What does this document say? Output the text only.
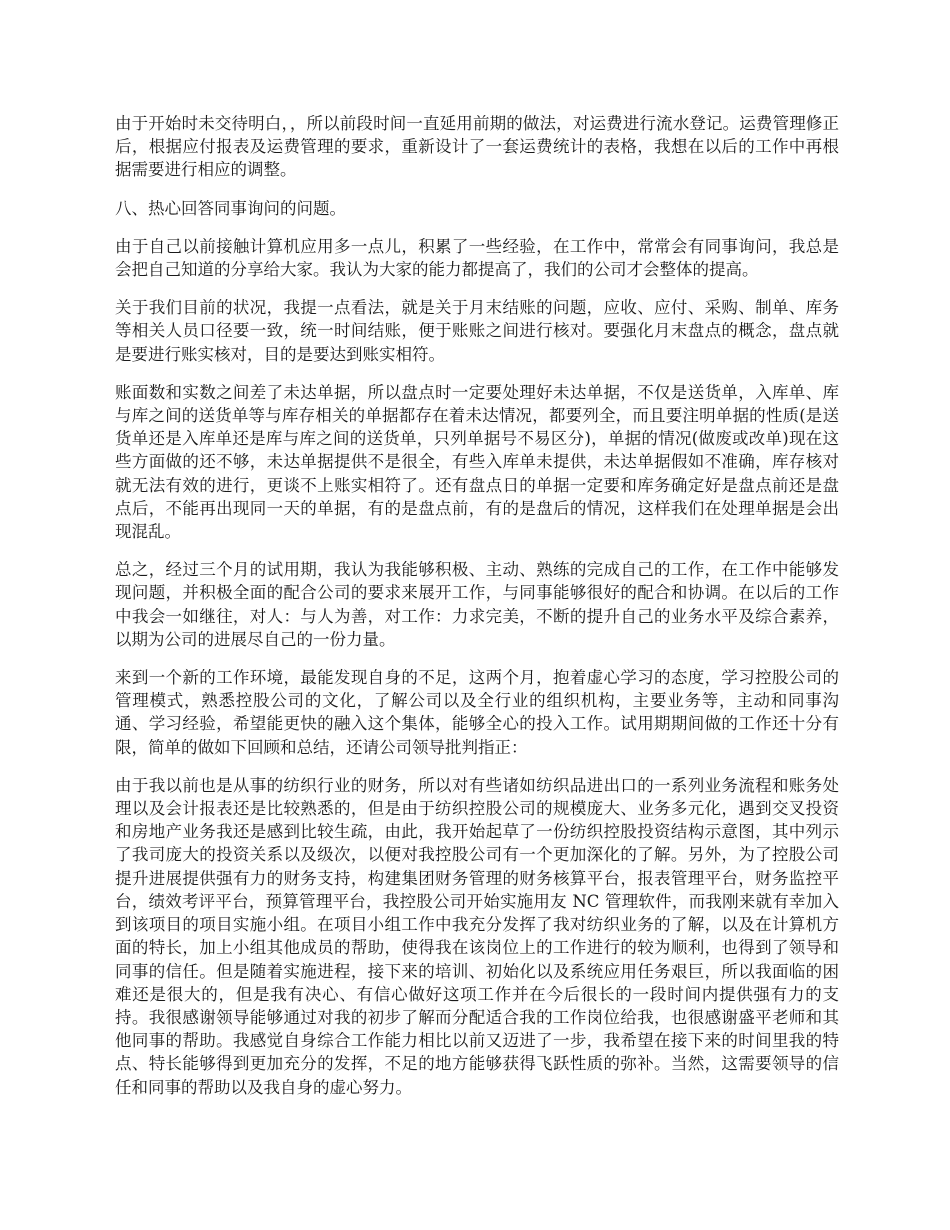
由于开始时未交待明白，，所以前段时间一直延用前期的做法，对运费进行流水登记。运费管理修正后，根据应付报表及运费管理的要求，重新设计了一套运费统计的表格，我想在以后的工作中再根据需要进行相应的调整。

八、热心回答同事询问的问题。

由于自己以前接触计算机应用多一点儿，积累了一些经验，在工作中，常常会有同事询问，我总是会把自己知道的分享给大家。我认为大家的能力都提高了，我们的公司才会整体的提高。

关于我们目前的状况，我提一点看法，就是关于月末结账的问题，应收、应付、采购、制单、库务等相关人员口径要一致，统一时间结账，便于账账之间进行核对。要强化月末盘点的概念，盘点就是要进行账实核对，目的是要达到账实相符。

账面数和实数之间差了未达单据，所以盘点时一定要处理好未达单据，不仅是送货单，入库单、库与库之间的送货单等与库存相关的单据都存在着未达情况，都要列全，而且要注明单据的性质(是送货单还是入库单还是库与库之间的送货单，只列单据号不易区分)，单据的情况(做废或改单)现在这些方面做的还不够，未达单据提供不是很全，有些入库单未提供，未达单据假如不准确，库存核对就无法有效的进行，更谈不上账实相符了。还有盘点日的单据一定要和库务确定好是盘点前还是盘点后，不能再出现同一天的单据，有的是盘点前，有的是盘后的情况，这样我们在处理单据是会出现混乱。

总之，经过三个月的试用期，我认为我能够积极、主动、熟练的完成自己的工作，在工作中能够发现问题，并积极全面的配合公司的要求来展开工作，与同事能够很好的配合和协调。在以后的工作中我会一如继往，对人：与人为善，对工作：力求完美，不断的提升自己的业务水平及综合素养，以期为公司的进展尽自己的一份力量。

来到一个新的工作环境，最能发现自身的不足，这两个月，抱着虚心学习的态度，学习控股公司的管理模式，熟悉控股公司的文化，了解公司以及全行业的组织机构，主要业务等，主动和同事沟通、学习经验，希望能更快的融入这个集体，能够全心的投入工作。试用期期间做的工作还十分有限，简单的做如下回顾和总结，还请公司领导批判指正：

由于我以前也是从事的纺织行业的财务，所以对有些诸如纺织品进出口的一系列业务流程和账务处理以及会计报表还是比较熟悉的，但是由于纺织控股公司的规模庞大、业务多元化，遇到交叉投资和房地产业务我还是感到比较生疏，由此，我开始起草了一份纺织控股投资结构示意图，其中列示了我司庞大的投资关系以及级次，以便对我控股公司有一个更加深化的了解。另外，为了控股公司提升进展提供强有力的财务支持，构建集团财务管理的财务核算平台，报表管理平台，财务监控平台，绩效考评平台，预算管理平台，我控股公司开始实施用友 NC 管理软件，而我刚来就有幸加入到该项目的项目实施小组。在项目小组工作中我充分发挥了我对纺织业务的了解，以及在计算机方面的特长，加上小组其他成员的帮助，使得我在该岗位上的工作进行的较为顺利，也得到了领导和同事的信任。但是随着实施进程，接下来的培训、初始化以及系统应用任务艰巨，所以我面临的困难还是很大的，但是我有决心、有信心做好这项工作并在今后很长的一段时间内提供强有力的支持。我很感谢领导能够通过对我的初步了解而分配适合我的工作岗位给我，也很感谢盛平老师和其他同事的帮助。我感觉自身综合工作能力相比以前又迈进了一步，我希望在接下来的时间里我的特点、特长能够得到更加充分的发挥，不足的地方能够获得飞跃性质的弥补。当然，这需要领导的信任和同事的帮助以及我自身的虚心努力。
